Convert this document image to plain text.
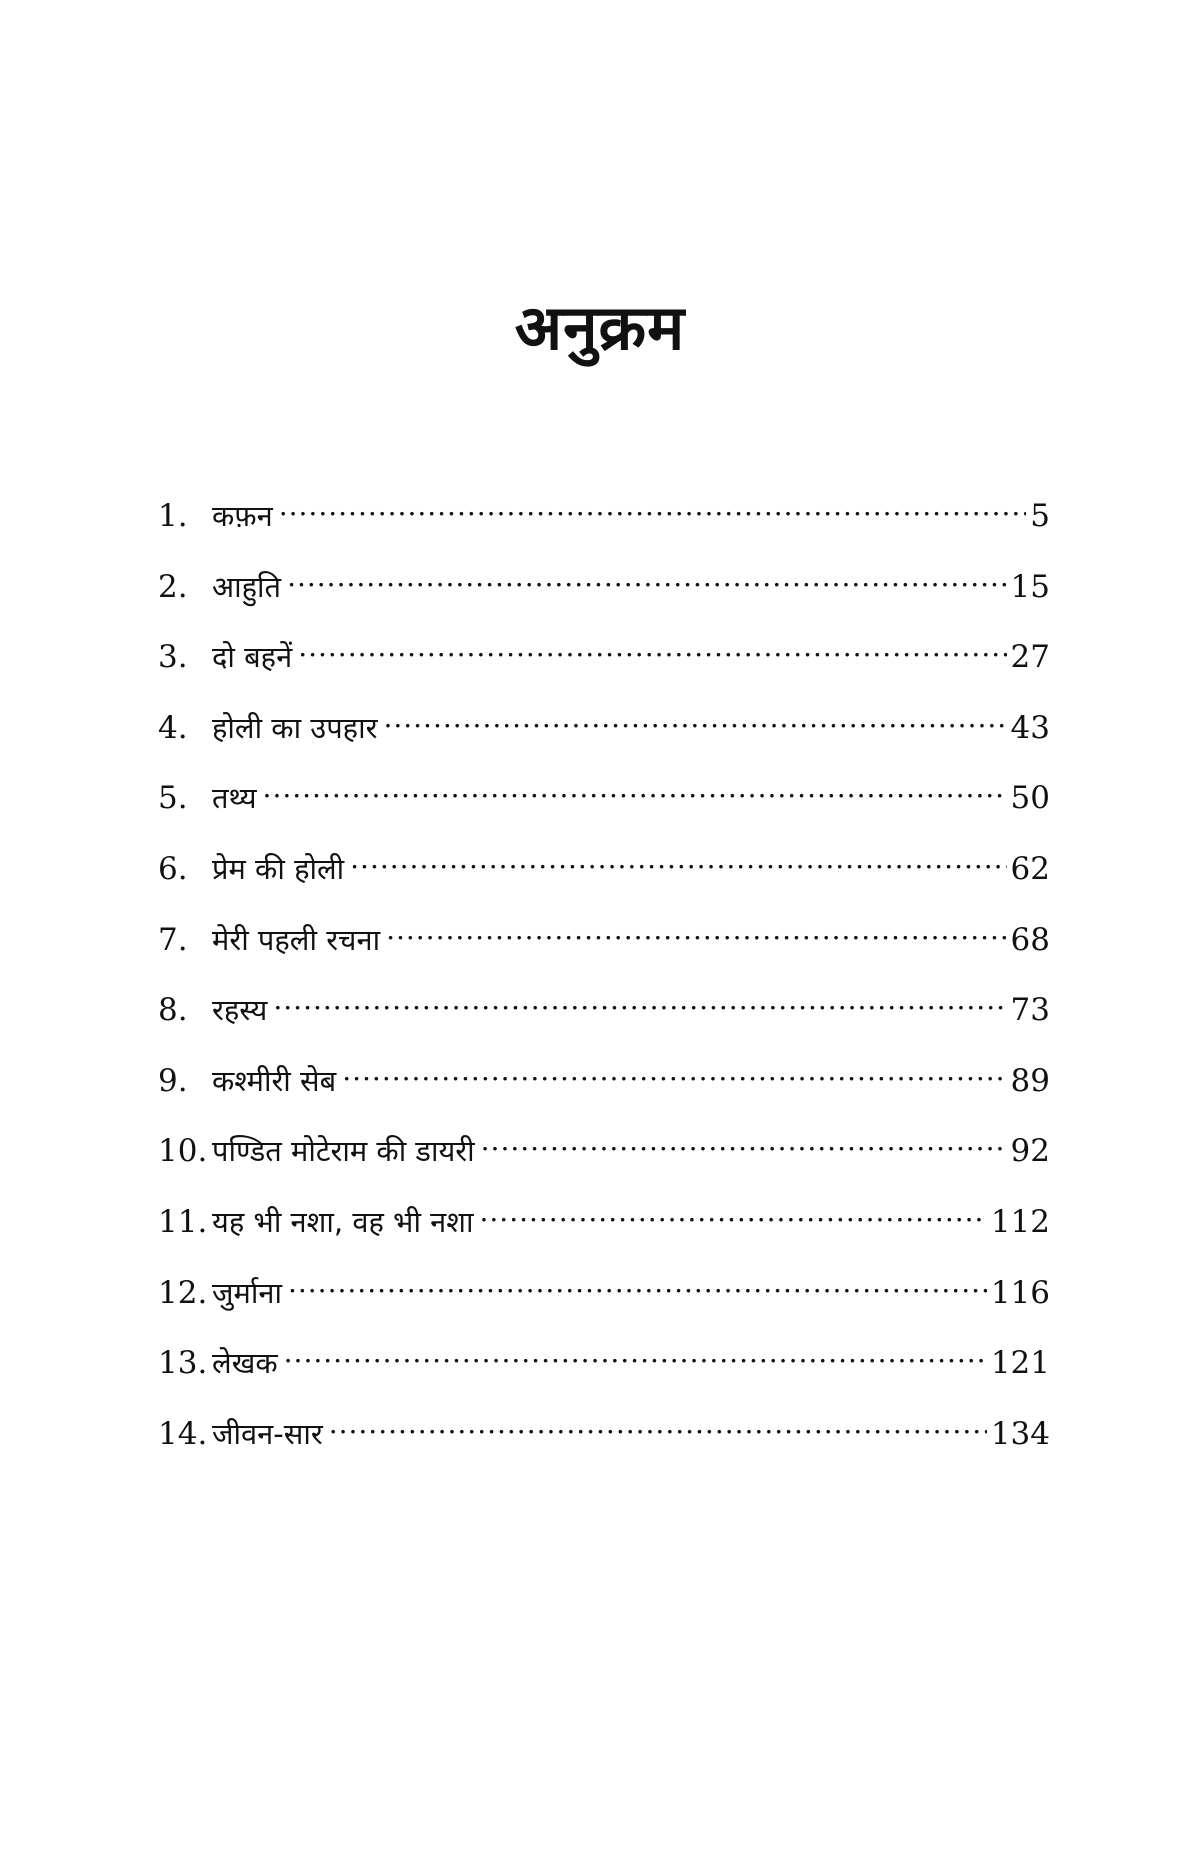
अनुक्रम
1. कफ़न .....	5
2. आहुति .....	15
3. दो बहनें .....	27
4. होली का उपहार .....	43
5. तथ्य .....	50
6. प्रेम की होली .....	62
7. मेरी पहली रचना .....	68
8. रहस्य .....	73
9. कश्मीरी सेब .....	89
10. पण्डित मोटेराम की डायरी .....	92
11. यह भी नशा, वह भी नशा .....	112
12. जुर्माना .....	116
13. लेखक .....	121
14. जीवन-सार .....	134
